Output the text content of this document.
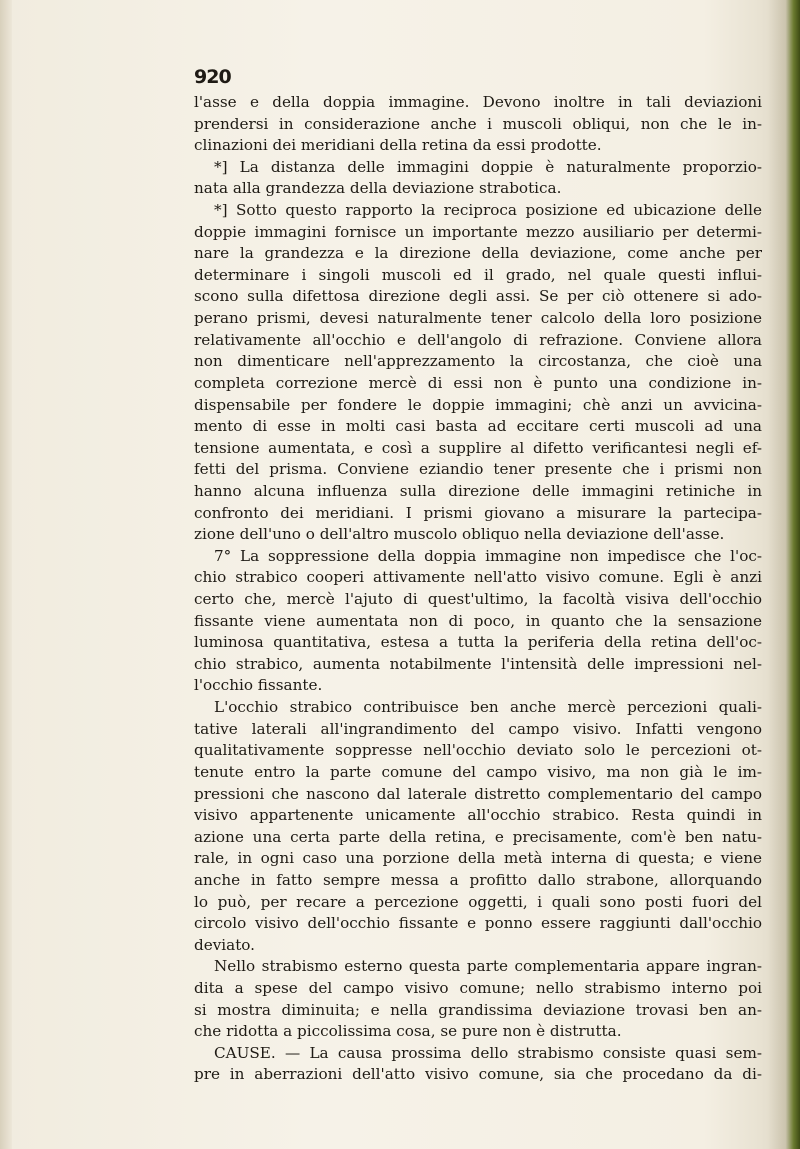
920
l'asse e della doppia immagine. Devono inoltre in tali deviazioni
prendersi in considerazione anche i muscoli obliqui, non che le in-
clinazioni dei meridiani della retina da essi prodotte.
*] La distanza delle immagini doppie è naturalmente proporzio-
nata alla grandezza della deviazione strabotica.
*] Sotto questo rapporto la reciproca posizione ed ubicazione delle
doppie immagini fornisce un importante mezzo ausiliario per determi-
nare la grandezza e la direzione della deviazione, come anche per
determinare i singoli muscoli ed il grado, nel quale questi influi-
scono sulla difettosa direzione degli assi. Se per ciò ottenere si ado-
perano prismi, devesi naturalmente tener calcolo della loro posizione
relativamente all'occhio e dell'angolo di refrazione. Conviene allora
non dimenticare nell'apprezzamento la circostanza, che cioè una
completa correzione mercè di essi non è punto una condizione in-
dispensabile per fondere le doppie immagini; chè anzi un avvicina-
mento di esse in molti casi basta ad eccitare certi muscoli ad una
tensione aumentata, e così a supplire al difetto verificantesi negli ef-
fetti del prisma. Conviene eziandio tener presente che i prismi non
hanno alcuna influenza sulla direzione delle immagini retiniche in
confronto dei meridiani. I prismi giovano a misurare la partecipa-
zione dell'uno o dell'altro muscolo obliquo nella deviazione dell'asse.
7° La soppressione della doppia immagine non impedisce che l'oc-
chio strabico cooperi attivamente nell'atto visivo comune. Egli è anzi
certo che, mercè l'ajuto di quest'ultimo, la facoltà visiva dell'occhio
fissante viene aumentata non di poco, in quanto che la sensazione
luminosa quantitativa, estesa a tutta la periferia della retina dell'oc-
chio strabico, aumenta notabilmente l'intensità delle impressioni nel-
l'occhio fissante.
L'occhio strabico contribuisce ben anche mercè percezioni quali-
tative laterali all'ingrandimento del campo visivo. Infatti vengono
qualitativamente soppresse nell'occhio deviato solo le percezioni ot-
tenute entro la parte comune del campo visivo, ma non già le im-
pressioni che nascono dal laterale distretto complementario del campo
visivo appartenente unicamente all'occhio strabico. Resta quindi in
azione una certa parte della retina, e precisamente, com'è ben natu-
rale, in ogni caso una porzione della metà interna di questa; e viene
anche in fatto sempre messa a profitto dallo strabone, allorquando
lo può, per recare a percezione oggetti, i quali sono posti fuori del
circolo visivo dell'occhio fissante e ponno essere raggiunti dall'occhio
deviato.
Nello strabismo esterno questa parte complementaria appare ingran-
dita a spese del campo visivo comune; nello strabismo interno poi
si mostra diminuita; e nella grandissima deviazione trovasi ben an-
che ridotta a piccolissima cosa, se pure non è distrutta.
CAUSE. — La causa prossima dello strabismo consiste quasi sem-
pre in aberrazioni dell'atto visivo comune, sia che procedano da di-
